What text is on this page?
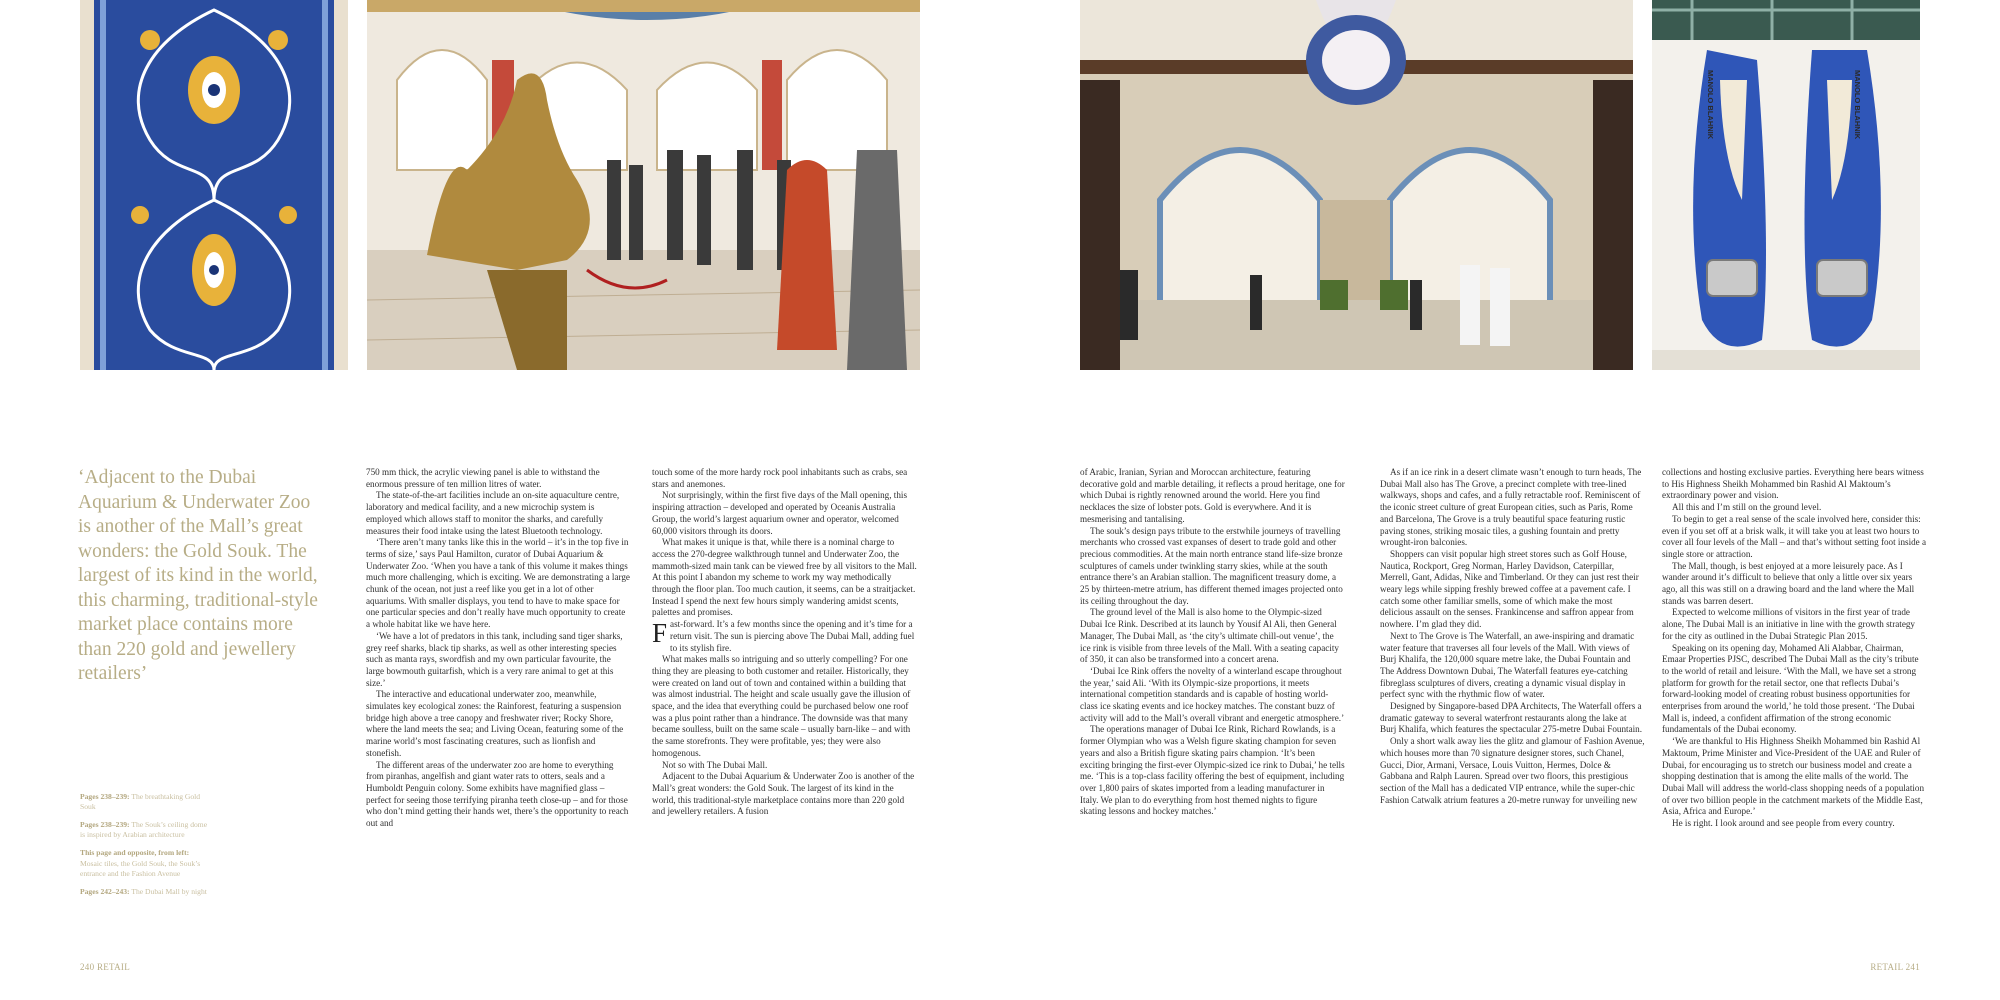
MANOLO BLAHNIK	MANOLO BLAHNIK

‘Adjacent to the Dubai Aquarium & Underwater Zoo is another of the Mall’s great wonders: the Gold Souk. The largest of its kind in the world, this charming, traditional-style market place contains more than 220 gold and jewellery retailers’

Pages 238–239: The breathtaking Gold Souk

Pages 238–239: The Souk’s ceiling dome is inspired by Arabian architecture

This page and opposite, from left: Mosaic tiles, the Gold Souk, the Souk’s entrance and the Fashion Avenue

Pages 242–243: The Dubai Mall by night

750 mm thick, the acrylic viewing panel is able to withstand the enormous pressure of ten million litres of water.

The state-of-the-art facilities include an on-site aquaculture centre, laboratory and medical facility, and a new microchip system is employed which allows staff to monitor the sharks, and carefully measures their food intake using the latest Bluetooth technology.

‘There aren’t many tanks like this in the world – it’s in the top five in terms of size,’ says Paul Hamilton, curator of Dubai Aquarium & Underwater Zoo. ‘When you have a tank of this volume it makes things much more challenging, which is exciting. We are demonstrating a large chunk of the ocean, not just a reef like you get in a lot of other aquariums. With smaller displays, you tend to have to make space for one particular species and don’t really have much opportunity to create a whole habitat like we have here.

‘We have a lot of predators in this tank, including sand tiger sharks, grey reef sharks, black tip sharks, as well as other interesting species such as manta rays, swordfish and my own particular favourite, the large bowmouth guitarfish, which is a very rare animal to get at this size.’

The interactive and educational underwater zoo, meanwhile, simulates key ecological zones: the Rainforest, featuring a suspension bridge high above a tree canopy and freshwater river; Rocky Shore, where the land meets the sea; and Living Ocean, featuring some of the marine world’s most fascinating creatures, such as lionfish and stonefish.

The different areas of the underwater zoo are home to everything from piranhas, angelfish and giant water rats to otters, seals and a Humboldt Penguin colony. Some exhibits have magnified glass – perfect for seeing those terrifying piranha teeth close-up – and for those who don’t mind getting their hands wet, there’s the opportunity to reach out and

touch some of the more hardy rock pool inhabitants such as crabs, sea stars and anemones.

Not surprisingly, within the first five days of the Mall opening, this inspiring attraction – developed and operated by Oceanis Australia Group, the world’s largest aquarium owner and operator, welcomed 60,000 visitors through its doors.

What makes it unique is that, while there is a nominal charge to access the 270-degree walkthrough tunnel and Underwater Zoo, the mammoth-sized main tank can be viewed free by all visitors to the Mall. At this point I abandon my scheme to work my way methodically through the floor plan. Too much caution, it seems, can be a straitjacket. Instead I spend the next few hours simply wandering amidst scents, palettes and promises.

Fast-forward. It’s a few months since the opening and it’s time for a return visit. The sun is piercing above The Dubai Mall, adding fuel to its stylish fire.

What makes malls so intriguing and so utterly compelling? For one thing they are pleasing to both customer and retailer. Historically, they were created on land out of town and contained within a building that was almost industrial. The height and scale usually gave the illusion of space, and the idea that everything could be purchased below one roof was a plus point rather than a hindrance. The downside was that many became soulless, built on the same scale – usually barn-like – and with the same storefronts. They were profitable, yes; they were also homogenous.

Not so with The Dubai Mall.

Adjacent to the Dubai Aquarium & Underwater Zoo is another of the Mall’s great wonders: the Gold Souk. The largest of its kind in the world, this traditional-style marketplace contains more than 220 gold and jewellery retailers. A fusion

of Arabic, Iranian, Syrian and Moroccan architecture, featuring decorative gold and marble detailing, it reflects a proud heritage, one for which Dubai is rightly renowned around the world. Here you find necklaces the size of lobster pots. Gold is everywhere. And it is mesmerising and tantalising.

The souk’s design pays tribute to the erstwhile journeys of travelling merchants who crossed vast expanses of desert to trade gold and other precious commodities. At the main north entrance stand life-size bronze sculptures of camels under twinkling starry skies, while at the south entrance there’s an Arabian stallion. The magnificent treasury dome, a 25 by thirteen-metre atrium, has different themed images projected onto its ceiling throughout the day.

The ground level of the Mall is also home to the Olympic-sized Dubai Ice Rink. Described at its launch by Yousif Al Ali, then General Manager, The Dubai Mall, as ‘the city’s ultimate chill-out venue’, the ice rink is visible from three levels of the Mall. With a seating capacity of 350, it can also be transformed into a concert arena.

‘Dubai Ice Rink offers the novelty of a winterland escape throughout the year,’ said Ali. ‘With its Olympic-size proportions, it meets international competition standards and is capable of hosting world-class ice skating events and ice hockey matches. The constant buzz of activity will add to the Mall’s overall vibrant and energetic atmosphere.’

The operations manager of Dubai Ice Rink, Richard Rowlands, is a former Olympian who was a Welsh figure skating champion for seven years and also a British figure skating pairs champion. ‘It’s been exciting bringing the first-ever Olympic-sized ice rink to Dubai,’ he tells me. ‘This is a top-class facility offering the best of equipment, including over 1,800 pairs of skates imported from a leading manufacturer in Italy. We plan to do everything from host themed nights to figure skating lessons and hockey matches.’

As if an ice rink in a desert climate wasn’t enough to turn heads, The Dubai Mall also has The Grove, a precinct complete with tree-lined walkways, shops and cafes, and a fully retractable roof. Reminiscent of the iconic street culture of great European cities, such as Paris, Rome and Barcelona, The Grove is a truly beautiful space featuring rustic paving stones, striking mosaic tiles, a gushing fountain and pretty wrought-iron balconies.

Shoppers can visit popular high street stores such as Golf House, Nautica, Rockport, Greg Norman, Harley Davidson, Caterpillar, Merrell, Gant, Adidas, Nike and Timberland. Or they can just rest their weary legs while sipping freshly brewed coffee at a pavement cafe. I catch some other familiar smells, some of which make the most delicious assault on the senses. Frankincense and saffron appear from nowhere. I’m glad they did.

Next to The Grove is The Waterfall, an awe-inspiring and dramatic water feature that traverses all four levels of the Mall. With views of Burj Khalifa, the 120,000 square metre lake, the Dubai Fountain and The Address Downtown Dubai, The Waterfall features eye-catching fibreglass sculptures of divers, creating a dynamic visual display in perfect sync with the rhythmic flow of water.

Designed by Singapore-based DPA Architects, The Waterfall offers a dramatic gateway to several waterfront restaurants along the lake at Burj Khalifa, which features the spectacular 275-metre Dubai Fountain.

Only a short walk away lies the glitz and glamour of Fashion Avenue, which houses more than 70 signature designer stores, such Chanel, Gucci, Dior, Armani, Versace, Louis Vuitton, Hermes, Dolce & Gabbana and Ralph Lauren. Spread over two floors, this prestigious section of the Mall has a dedicated VIP entrance, while the super-chic Fashion Catwalk atrium features a 20-metre runway for unveiling new

collections and hosting exclusive parties. Everything here bears witness to His Highness Sheikh Mohammed bin Rashid Al Maktoum’s extraordinary power and vision.

All this and I’m still on the ground level.

To begin to get a real sense of the scale involved here, consider this: even if you set off at a brisk walk, it will take you at least two hours to cover all four levels of the Mall – and that’s without setting foot inside a single store or attraction.

The Mall, though, is best enjoyed at a more leisurely pace. As I wander around it’s difficult to believe that only a little over six years ago, all this was still on a drawing board and the land where the Mall stands was barren desert.

Expected to welcome millions of visitors in the first year of trade alone, The Dubai Mall is an initiative in line with the growth strategy for the city as outlined in the Dubai Strategic Plan 2015.

Speaking on its opening day, Mohamed Ali Alabbar, Chairman, Emaar Properties PJSC, described The Dubai Mall as the city’s tribute to the world of retail and leisure. ‘With the Mall, we have set a strong platform for growth for the retail sector, one that reflects Dubai’s forward-looking model of creating robust business opportunities for enterprises from around the world,’ he told those present. ‘The Dubai Mall is, indeed, a confident affirmation of the strong economic fundamentals of the Dubai economy.

‘We are thankful to His Highness Sheikh Mohammed bin Rashid Al Maktoum, Prime Minister and Vice-President of the UAE and Ruler of Dubai, for encouraging us to stretch our business model and create a shopping destination that is among the elite malls of the world. The Dubai Mall will address the world-class shopping needs of a population of over two billion people in the catchment markets of the Middle East, Asia, Africa and Europe.’

He is right. I look around and see people from every country.

240 RETAIL	RETAIL 241
